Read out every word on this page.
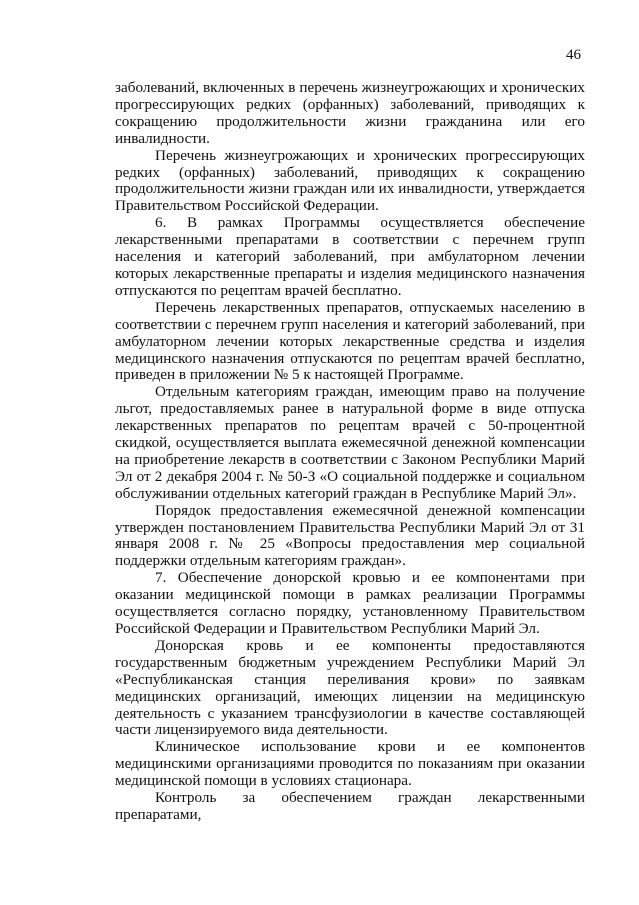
46

заболеваний, включенных в перечень жизнеугрожающих и хронических прогрессирующих редких (орфанных) заболеваний, приводящих к сокращению продолжительности жизни гражданина или его инвалидности.

Перечень жизнеугрожающих и хронических прогрессирующих редких (орфанных) заболеваний, приводящих к сокращению продолжительности жизни граждан или их инвалидности, утверждается Правительством Российской Федерации.

6. В рамках Программы осуществляется обеспечение лекарственными препаратами в соответствии с перечнем групп населения и категорий заболеваний, при амбулаторном лечении которых лекарственные препараты и изделия медицинского назначения отпускаются по рецептам врачей бесплатно.

Перечень лекарственных препаратов, отпускаемых населению в соответствии с перечнем групп населения и категорий заболеваний, при амбулаторном лечении которых лекарственные средства и изделия медицинского назначения отпускаются по рецептам врачей бесплатно, приведен в приложении № 5 к настоящей Программе.

Отдельным категориям граждан, имеющим право на получение льгот, предоставляемых ранее в натуральной форме в виде отпуска лекарственных препаратов по рецептам врачей с 50-процентной скидкой, осуществляется выплата ежемесячной денежной компенсации на приобретение лекарств в соответствии с Законом Республики Марий Эл от 2 декабря 2004 г. № 50-З «О социальной поддержке и социальном обслуживании отдельных категорий граждан в Республике Марий Эл».

Порядок предоставления ежемесячной денежной компенсации утвержден постановлением Правительства Республики Марий Эл от 31 января 2008 г. № 25 «Вопросы предоставления мер социальной поддержки отдельным категориям граждан».

7. Обеспечение донорской кровью и ее компонентами при оказании медицинской помощи в рамках реализации Программы осуществляется согласно порядку, установленному Правительством Российской Федерации и Правительством Республики Марий Эл.

Донорская кровь и ее компоненты предоставляются государственным бюджетным учреждением Республики Марий Эл «Республиканская станция переливания крови» по заявкам медицинских организаций, имеющих лицензии на медицинскую деятельность с указанием трансфузиологии в качестве составляющей части лицензируемого вида деятельности.

Клиническое использование крови и ее компонентов медицинскими организациями проводится по показаниям при оказании медицинской помощи в условиях стационара.

Контроль за обеспечением граждан лекарственными препаратами,
